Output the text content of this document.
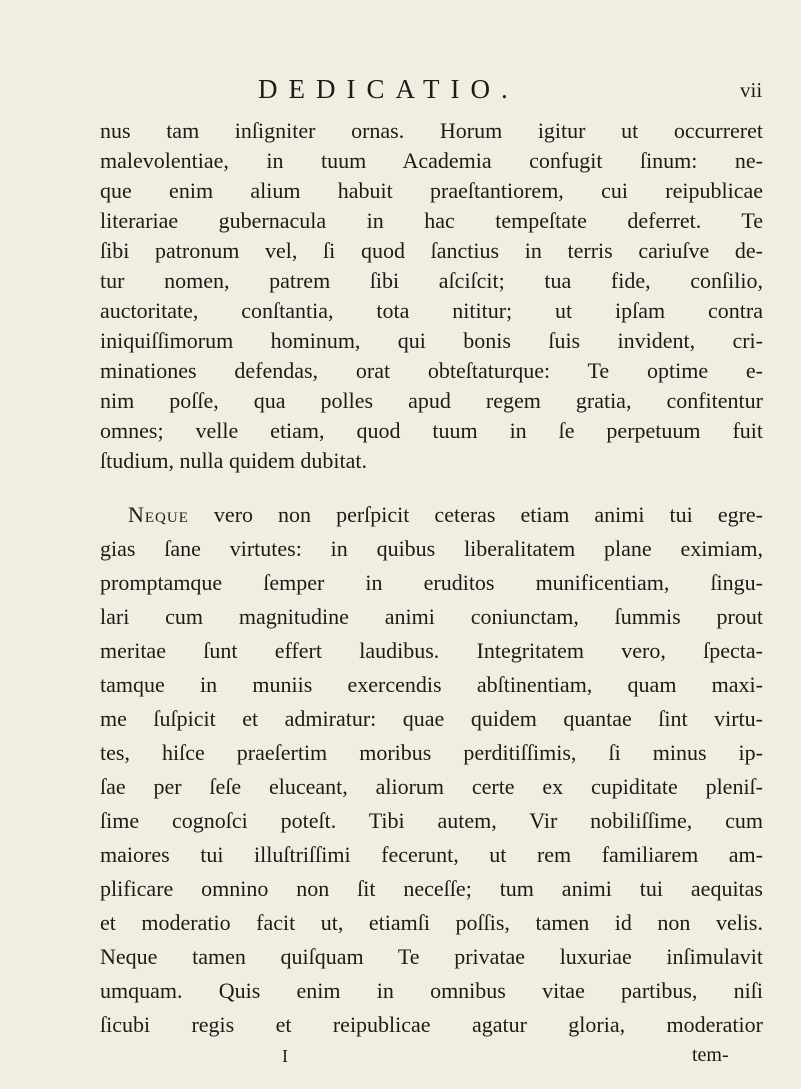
DEDICATIO.	vii
nus tam inſigniter ornas. Horum igitur ut occurreret
malevolentiae, in tuum Academia confugit ſinum: ne-
que enim alium habuit praeſtantiorem, cui reipublicae
literariae gubernacula in hac tempeſtate deferret. Te
ſibi patronum vel, ſi quod ſanctius in terris cariuſve de-
tur nomen, patrem ſibi aſciſcit; tua fide, conſilio,
auctoritate, conſtantia, tota nititur; ut ipſam contra
iniquiſſimorum hominum, qui bonis ſuis invident, cri-
minationes defendas, orat obteſtaturque: Te optime e-
nim poſſe, qua polles apud regem gratia, confitentur
omnes; velle etiam, quod tuum in ſe perpetuum fuit
ſtudium, nulla quidem dubitat.
Neque vero non perſpicit ceteras etiam animi tui egre-
gias ſane virtutes: in quibus liberalitatem plane eximiam,
promptamque ſemper in eruditos munificentiam, ſingu-
lari cum magnitudine animi coniunctam, ſummis prout
meritae ſunt effert laudibus. Integritatem vero, ſpecta-
tamque in muniis exercendis abſtinentiam, quam maxi-
me ſuſpicit et admiratur: quae quidem quantae ſint virtu-
tes, hiſce praeſertim moribus perditiſſimis, ſi minus ip-
ſae per ſeſe eluceant, aliorum certe ex cupiditate pleniſ-
ſime cognoſci poteſt. Tibi autem, Vir nobiliſſime, cum
maiores tui illuſtriſſimi fecerunt, ut rem familiarem am-
plificare omnino non ſit neceſſe; tum animi tui aequitas
et moderatio facit ut, etiamſi poſſis, tamen id non velis.
Neque tamen quiſquam Te privatae luxuriae inſimulavit
umquam. Quis enim in omnibus vitae partibus, niſi
ſicubi regis et reipublicae agatur gloria, moderatior
I	tem-
